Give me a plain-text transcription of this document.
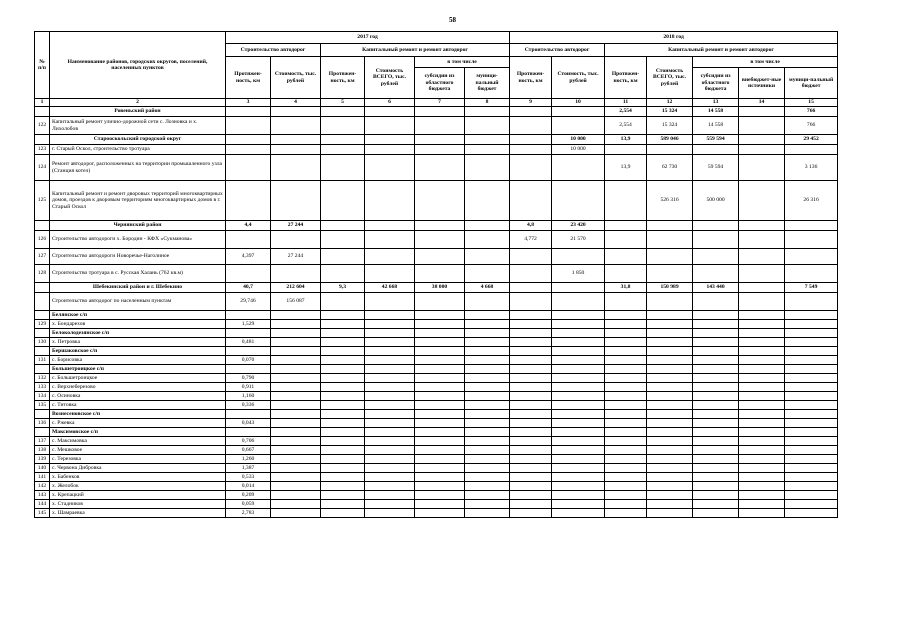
58
№ п/п	Наименование районов, городских округов, поселений, населенных пунктов	2017 год						2018 год						
		Строительство автодорог		Капитальный ремонт и ремонт автодорог				Строительство автодорог		Капитальный ремонт и ремонт автодорог				
		Протяжен-ность, км	Стоимость, тыс. рублей	Протяжен-ность, км	Стоимость ВСЕГО, тыс. рублей	в том числе		Протяжен-ность, км	Стоимость, тыс. рублей	Протяжен-ность, км	Стоимость ВСЕГО, тыс. рублей	в том числе		
						субсидии из областного бюджета	муници-пальный бюджет					субсидии из областного бюджета	внебюджет-ные источники	муници-пальный бюджет
1	2	3	4	5	6	7	8	9	10	11	12	13	14	15
	Ровеньский район									2,554	15 324	14 558		766
122	Капитальный ремонт улично-дорожной сети с. Лозновка и х. Лихолобов									2,554	15 324	14 558		766
	Старооскольский городской округ								10 000	13,9	589 046	559 594		29 452
123	г. Старый Оскол, строительство тротуара								10 000					
124	Ремонт автодорог, расположенных на территории промышленного узла (Станция котел)									13,9	62 730	59 594		3 136
125	Капитальный ремонт и ремонт дворовых территорий многоквартирных домов, проездов к дворовым территориям многоквартирных домов в г. Старый Оскол										526 316	500 000		26 316
	Чернянский район	4,4	27 244					4,8	23 420					
126	Строительство автодороги х. Бородин - КФХ «Сукманова»							4,772	21 570					
127	Строительство автодороги Новоречье-Наголиное	4,397	27 244											
128	Строительство тротуара в с. Русская Халань (762 кв.м)								1 850					
	Шебекинский район и г. Шебекино	40,7	212 604	9,3	42 668	38 000	4 668			31,8	150 989	143 440		7 549
	Строительство автодорог по населенным пунктам	29,746	156 087											
	Белянское с/п													
129	х. Бондарехов	1,529												
	Белоколодезянское с/п													
130	х. Петровка	0,481												
	Бершаковское с/п													
131	с. Борисовка	0,070												
	Большетроицкое с/п													
132	с. Большетроицкое	0,790												
133	с. Верхнеберезово	0,911												
134	с. Осиновка	1,160												
135	с. Титовка	0,336												
	Вознесеновское с/п													
136	с. Ржевка	0,043												
	Максимовское с/п													
137	с. Максимовка	0,706												
138	с. Мешковое	0,667												
139	с. Терезовка	1,260												
140	с. Червона Дибровка	1,387												
141	х. Бабенков	0,533												
142	х. Желобок	0,014												
143	х. Крепацкий	0,209												
144	х. Стадников	0,059												
145	х. Шамраевка	2,783												
